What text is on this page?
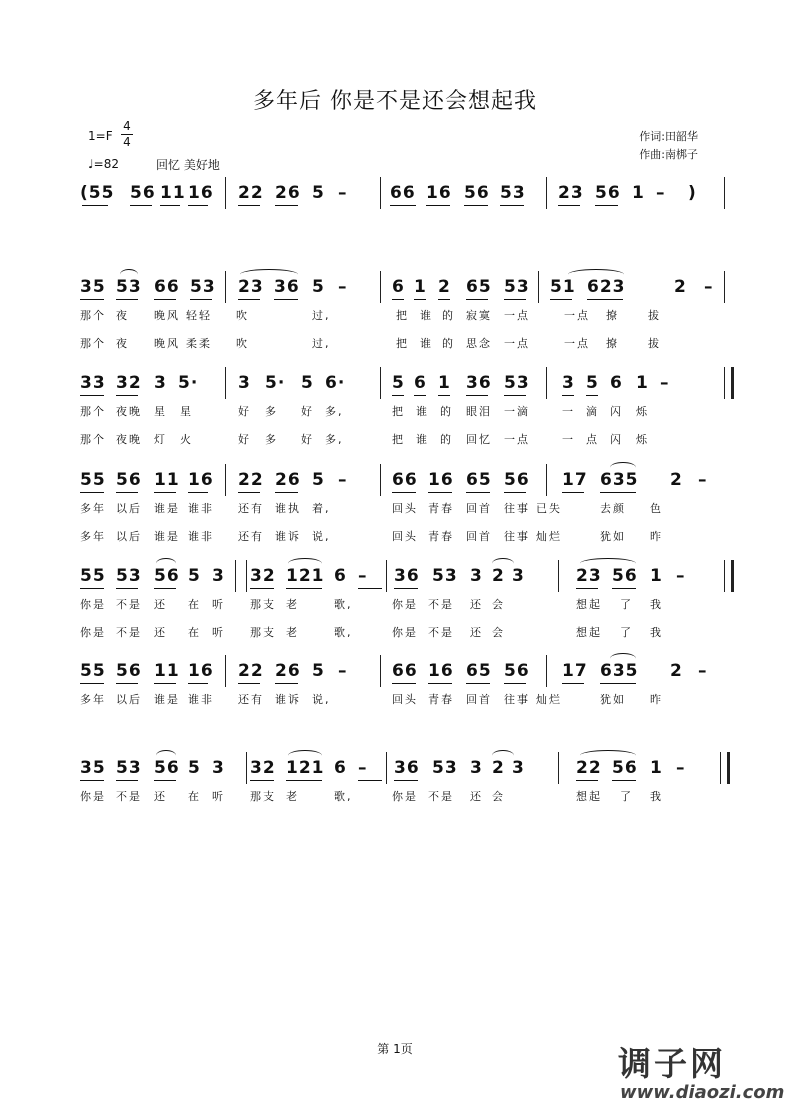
多年后 你是不是还会想起我
1=F
4
4
♩=82	回忆 美好地
作词:田韶华
作曲:南梆子
(55 56 11 16 22 26 5 –	66 16 56 53 23 56 1 – )
35 53 66 53 23 36 5 –	6 1 2 65 53 51 623	2 –
那个 夜 晚风 轻轻 吹	过,	把 谁 的 寂寞 一点	一点 撩	拔
那个 夜 晚风 柔柔 吹	过,	把 谁 的 思念 一点	一点 撩	拔
33 32 3 5· 3 5· 5 6·	5 6 1 36 53 3 5 6 1 –
那个 夜晚 星 星	好 多 好 多,	把 谁 的 眼泪 一滴	一 滴 闪 烁
那个 夜晚 灯 火	好 多 好 多,	把 谁 的 回忆 一点	一 点 闪 烁
55 56 11 16 22 26 5 –	66 16 65 56 17 635 2 –
多年 以后 谁是 谁非 还有 谁执 着,	回头 青春 回首 往事 已失	去颜 色
多年 以后 谁是 谁非 还有 谁诉 说,	回头 青春 回首 往事 灿烂	犹如 昨
55 53 56 5 3 32 121 6 – 36 53 3 2 3	23 56 1 –
你是 不是 还 在 听 那支 老	歌,	你是 不是 还 会	想起 了 我
你是 不是 还 在 听 那支 老	歌,	你是 不是 还 会	想起 了 我
55 56 11 16 22 26 5 –	66 16 65 56 17 635 2 –
多年 以后 谁是 谁非 还有 谁诉 说,	回头 青春 回首 往事 灿烂	犹如 昨
35 53 56 5 3 32 121 6 – 36 53 3 2 3	22 56 1 –
你是 不是 还 在 听 那支 老	歌,	你是 不是 还 会	想起 了 我
第 1页	调子网
www.diaozi.com
